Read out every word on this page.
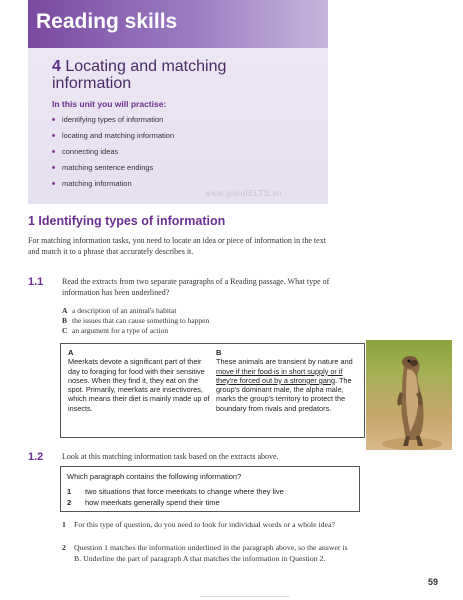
Reading skills
4 Locating and matching information
In this unit you will practise:
identifying types of information
locating and matching information
connecting ideas
matching sentence endings
matching information
www.giaiuIELTS.vn
1 Identifying types of information
For matching information tasks, you need to locate an idea or piece of information in the text and match it to a phrase that accurately describes it.
1.1 Read the extracts from two separate paragraphs of a Reading passage. What type of information has been underlined?
A a description of an animal's habitat
B the issues that can cause something to happen
C an argument for a type of action
A
Meerkats devote a significant part of their day to foraging for food with their sensitive noses. When they find it, they eat on the spot. Primarily, meerkats are insectivores, which means their diet is mainly made up of insects.
B
These animals are transient by nature and move if their food is in short supply or if they're forced out by a stronger gang. The group's dominant male, the alpha male, marks the group's territory to protect the boundary from rivals and predators.
1.2 Look at this matching information task based on the extracts above.
Which paragraph contains the following information?
1 two situations that force meerkats to change where they live
2 how meerkats generally spend their time
1	For this type of question, do you need to look for individual words or a whole idea?
2	Question 1 matches the information underlined in the paragraph above, so the answer is B. Underline the part of paragraph A that matches the information in Question 2.
59
